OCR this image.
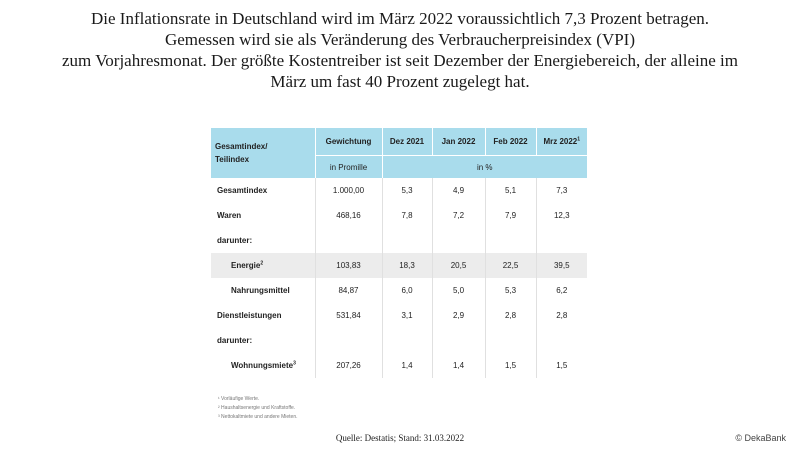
Die Inflationsrate in Deutschland wird im März 2022 voraussichtlich 7,3 Prozent betragen.
Gemessen wird sie als Veränderung des Verbraucherpreisindex (VPI)
zum Vorjahresmonat. Der größte Kostentreiber ist seit Dezember der Energiebereich, der alleine im
März um fast 40 Prozent zugelegt hat.
Gesamtindex/
Teilindex	Gewichtung	Dez 2021	Jan 2022	Feb 2022	Mrz 2022$^1$
	in Promille	in %			
Gesamtindex	1.000,00	5,3	4,9	5,1	7,3
Waren	468,16	7,8	7,2	7,9	12,3
darunter:					
Energie$^2$	103,83	18,3	20,5	22,5	39,5
Nahrungsmittel	84,87	6,0	5,0	5,3	6,2
Dienstleistungen	531,84	3,1	2,9	2,8	2,8
darunter:					
Wohnungsmiete$^3$	207,26	1,4	1,4	1,5	1,5
¹ Vorläufige Werte.
² Haushaltsenergie und Kraftstoffe.
³ Nettokaltmiete und andere Mieten.
Quelle: Destatis; Stand: 31.03.2022	© DekaBank
